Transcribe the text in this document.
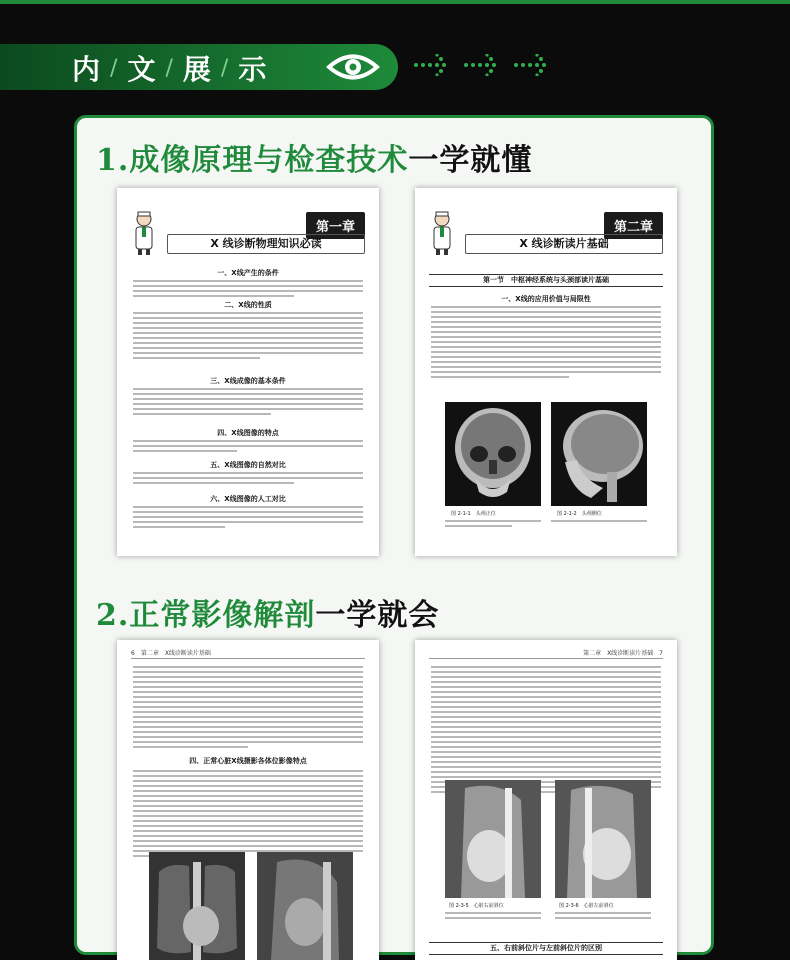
内 / 文 / 展 / 示
1.成像原理与检查技术一学就懂
第一章
X 线诊断物理知识必读
一、X线产生的条件
二、X线的性质
三、X线成像的基本条件
四、X线图像的特点
五、X线图像的自然对比
六、X线图像的人工对比
第二章
X 线诊断读片基础
第一节　中枢神经系统与头颈部读片基础
一、X线的应用价值与局限性
图 2-1-1　头颅正位	图 2-1-2　头颅侧位
2.正常影像解剖一学就会
6　第二章　X线诊断读片基础
四、正常心脏X线摄影各体位影像特点
第二章　X线诊断读片基础　7
图 2-3-5　心脏右前斜位	图 2-3-6　心脏左前斜位
五、右前斜位片与左前斜位片的区别
